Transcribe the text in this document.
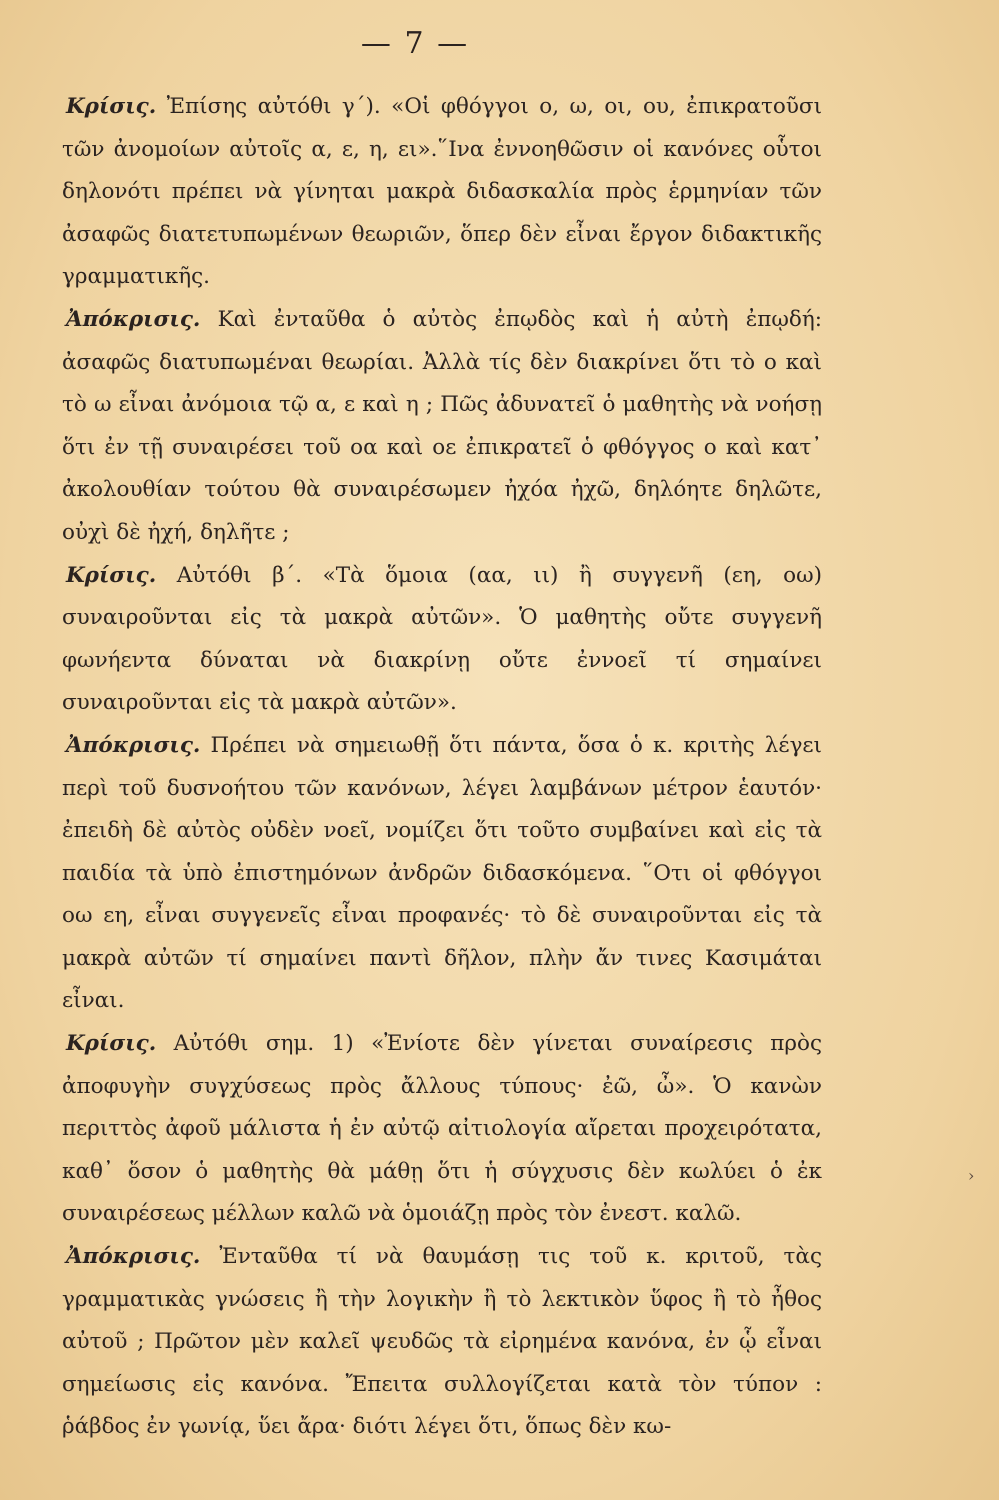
— 7 —
Κρίσις. Ἐπίσης αὐτόθι γ΄). «Οἱ φθόγγοι ο, ω, οι, ου, ἐπικρατοῦσι τῶν ἀνομοίων αὐτοῖς α, ε, η, ει».῞Ινα ἐννοηθῶσιν οἱ κανόνες οὗτοι δηλονότι πρέπει νὰ γίνηται μακρὰ διδασκαλία πρὸς ἑρμηνίαν τῶν ἀσαφῶς διατετυπωμένων θεωριῶν, ὅπερ δὲν εἶναι ἔργον διδακτικῆς γραμματικῆς.
Ἀπόκρισις. Καὶ ἐνταῦθα ὁ αὐτὸς ἐπῳδὸς καὶ ἡ αὐτὴ ἐπῳδή: ἀσαφῶς διατυπωμέναι θεωρίαι. Ἀλλὰ τίς δὲν διακρίνει ὅτι τὸ ο καὶ τὸ ω εἶναι ἀνόμοια τῷ α, ε καὶ η ; Πῶς ἀδυνατεῖ ὁ μαθητὴς νὰ νοήσῃ ὅτι ἐν τῇ συναιρέσει τοῦ οα καὶ οε ἐπικρατεῖ ὁ φθόγγος ο καὶ κατ᾿ ἀκολουθίαν τούτου θὰ συναιρέσωμεν ἠχόα ἠχῶ, δηλόητε δηλῶτε, οὐχὶ δὲ ἠχή, δηλῆτε ;
Κρίσις. Αὐτόθι β΄. «Τὰ ὅμοια (αα, ιι) ἢ συγγενῆ (εη, οω) συναιροῦνται εἰς τὰ μακρὰ αὐτῶν». Ὁ μαθητὴς οὔτε συγγενῆ φωνήεντα δύναται νὰ διακρίνῃ οὔτε ἐννοεῖ τί σημαίνει συναιροῦνται εἰς τὰ μακρὰ αὐτῶν».
Ἀπόκρισις. Πρέπει νὰ σημειωθῇ ὅτι πάντα, ὅσα ὁ κ. κριτὴς λέγει περὶ τοῦ δυσνοήτου τῶν κανόνων, λέγει λαμβάνων μέτρον ἑαυτόν· ἐπειδὴ δὲ αὐτὸς οὐδὲν νοεῖ, νομίζει ὅτι τοῦτο συμβαίνει καὶ εἰς τὰ παιδία τὰ ὑπὸ ἐπιστημόνων ἀνδρῶν διδασκόμενα. ῞Οτι οἱ φθόγγοι οω εη, εἶναι συγγενεῖς εἶναι προφανές· τὸ δὲ συναιροῦνται εἰς τὰ μακρὰ αὐτῶν τί σημαίνει παντὶ δῆλον, πλὴν ἄν τινες Κασιμάται εἶναι.
Κρίσις. Αὐτόθι σημ. 1) «Ἐνίοτε δὲν γίνεται συναίρεσις πρὸς ἀποφυγὴν συγχύσεως πρὸς ἄλλους τύπους· ἐῶ, ὦ». Ὁ κανὼν περιττὸς ἀφοῦ μάλιστα ἡ ἐν αὐτῷ αἰτιολογία αἴρεται προχειρότατα, καθ᾿ ὅσον ὁ μαθητὴς θὰ μάθῃ ὅτι ἡ σύγχυσις δὲν κωλύει ὁ ἐκ συναιρέσεως μέλλων καλῶ νὰ ὁμοιάζῃ πρὸς τὸν ἐνεστ. καλῶ.
Ἀπόκρισις. Ἐνταῦθα τί νὰ θαυμάσῃ τις τοῦ κ. κριτοῦ, τὰς γραμματικὰς γνώσεις ἢ τὴν λογικὴν ἢ τὸ λεκτικὸν ὕφος ἢ τὸ ἦθος αὐτοῦ ; Πρῶτον μὲν καλεῖ ψευδῶς τὰ εἰρημένα κανόνα, ἐν ᾧ εἶναι σημείωσις εἰς κανόνα. Ἔπειτα συλλογίζεται κατὰ τὸν τύπον : ῥάβδος ἐν γωνίᾳ, ὕει ἄρα· διότι λέγει ὅτι, ὅπως δὲν κω-
›
